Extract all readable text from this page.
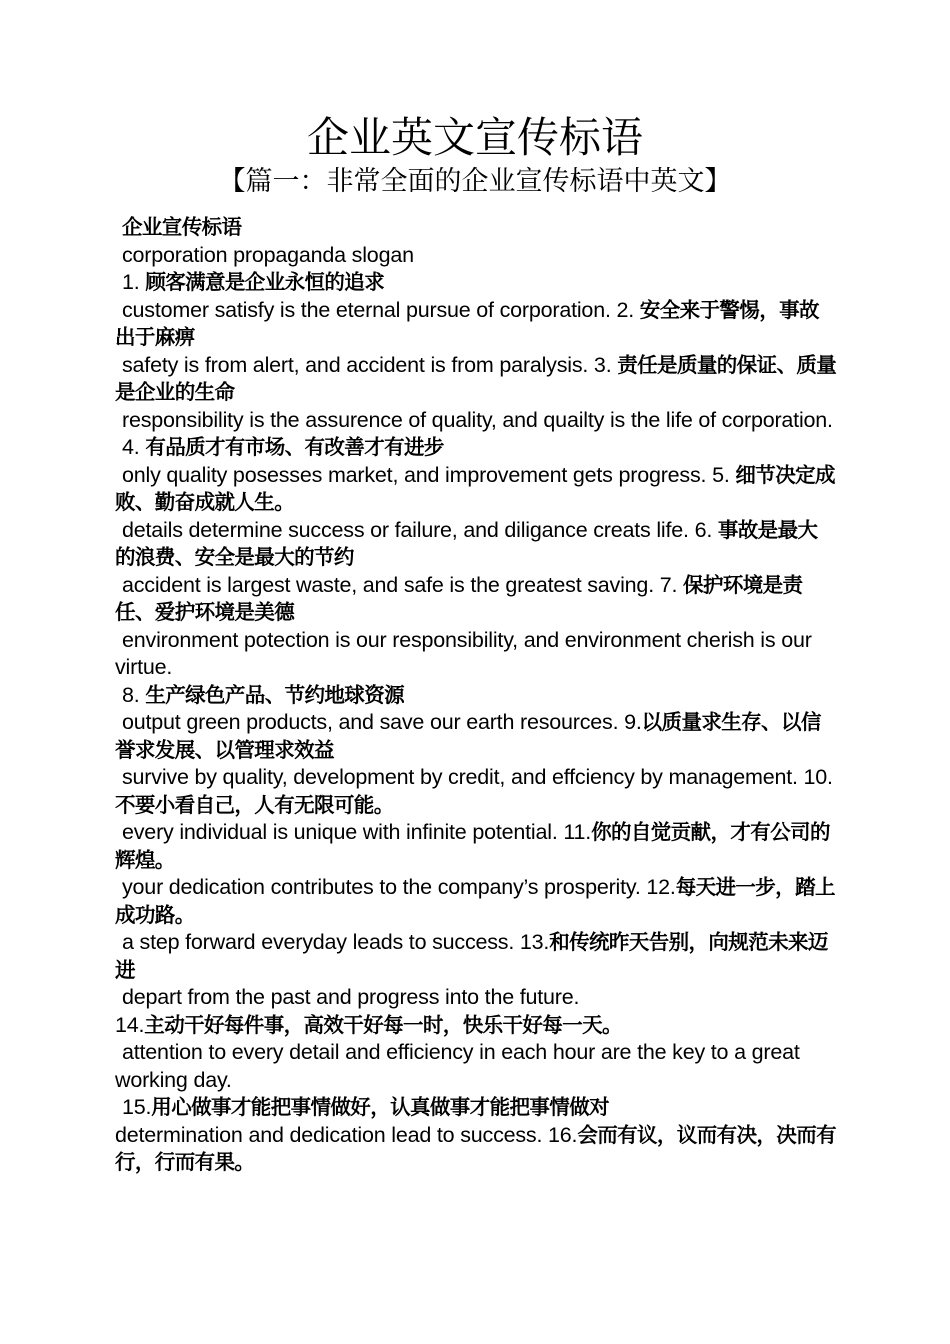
企业英文宣传标语
【篇一：非常全面的企业宣传标语中英文】

企业宣传标语

corporation propaganda slogan

1. 顾客满意是企业永恒的追求

customer satisfy is the eternal pursue of corporation. 2. 安全来于警惕，事故出于麻痹

safety is from alert, and accident is from paralysis. 3. 责任是质量的保证、质量是企业的生命

responsibility is the assurence of quality, and quailty is the life of corporation.

4. 有品质才有市场、有改善才有进步

only quality posesses market, and improvement gets progress. 5. 细节决定成败、勤奋成就人生。

details determine success or failure, and diligance creats life. 6. 事故是最大的浪费、安全是最大的节约

accident is largest waste, and safe is the greatest saving. 7. 保护环境是责任、爱护环境是美德

environment potection is our responsibility, and environment cherish is our virtue.

8. 生产绿色产品、节约地球资源

output green products, and save our earth resources. 9.以质量求生存、以信誉求发展、以管理求效益

survive by quality, development by credit, and effciency by management. 10.不要小看自己，人有无限可能。

every individual is unique with infinite potential. 11.你的自觉贡献，才有公司的辉煌。

your dedication contributes to the company’s prosperity. 12.每天进一步，踏上成功路。

a step forward everyday leads to success. 13.和传统昨天告别，向规范未来迈进

depart from the past and progress into the future.

14.主动干好每件事，高效干好每一时，快乐干好每一天。

attention to every detail and efficiency in each hour are the key to a great working day.

15.用心做事才能把事情做好，认真做事才能把事情做对

determination and dedication lead to success. 16.会而有议，议而有决，决而有行，行而有果。
